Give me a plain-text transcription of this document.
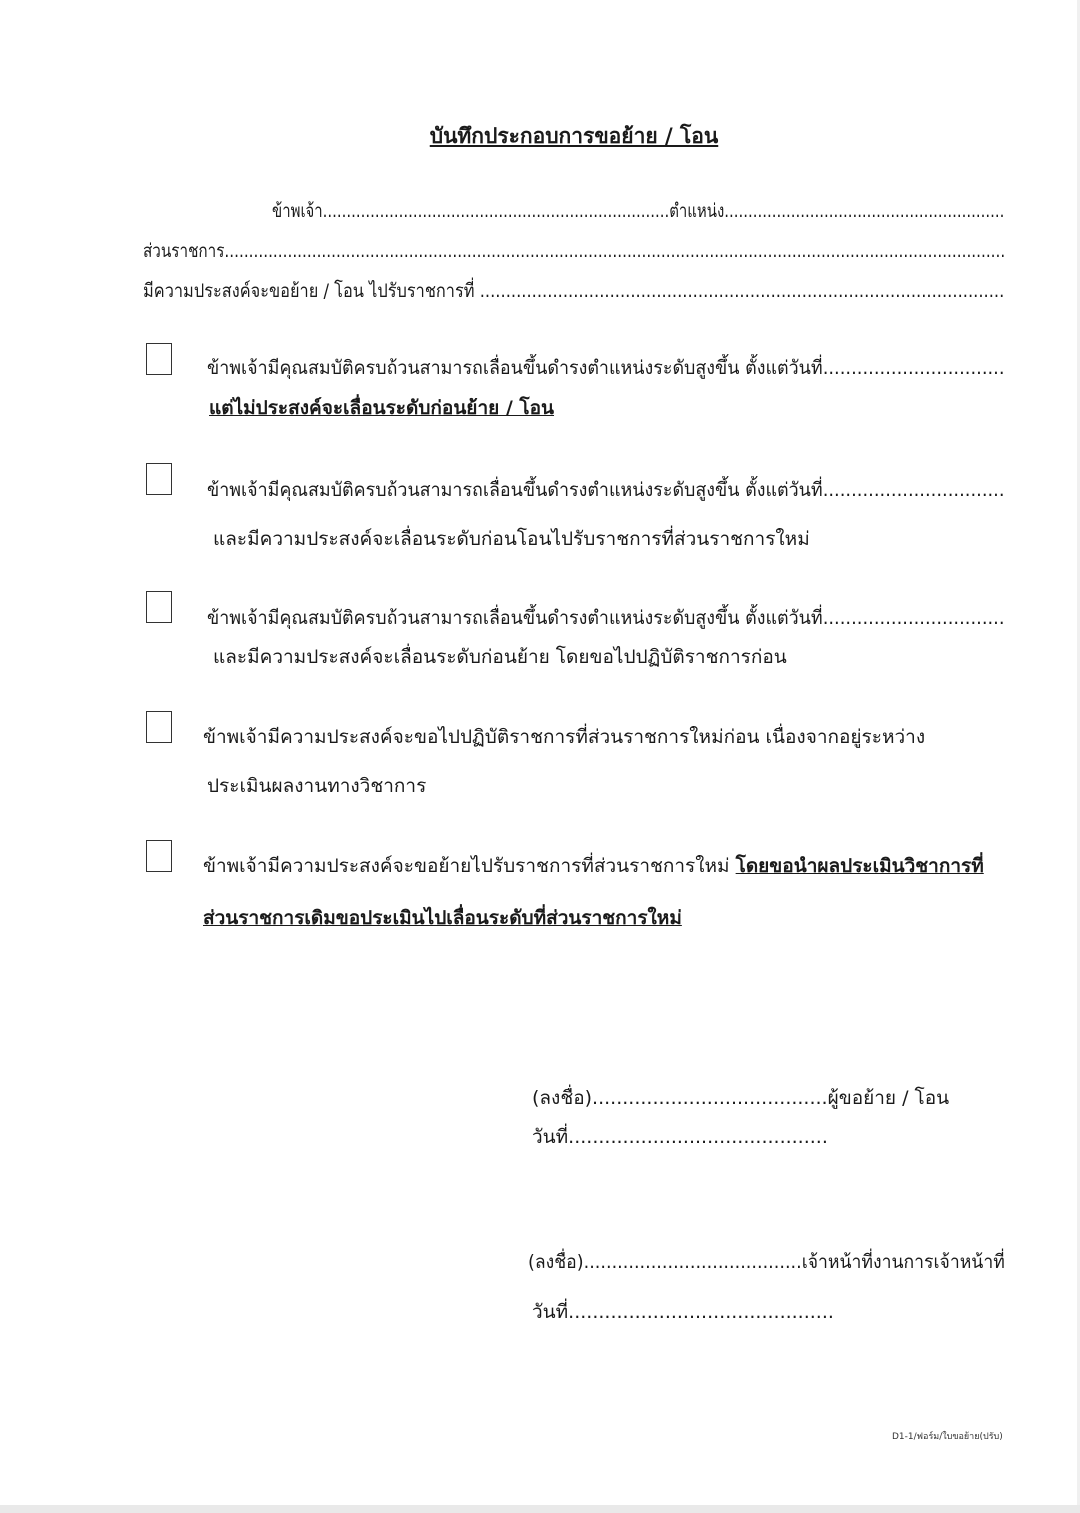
บันทึกประกอบการขอย้าย / โอน
ข้าพเจ้า.........................................................................ตำแหน่ง...........................................................
ส่วนราชการ.................................................................................................................................................................
มีความประสงค์จะขอย้าย / โอน ไปรับราชการที่ .....................................................................................................
ข้าพเจ้ามีคุณสมบัติครบถ้วนสามารถเลื่อนขึ้นดำรงตำแหน่งระดับสูงขึ้น ตั้งแต่วันที่................................
แต่ไม่ประสงค์จะเลื่อนระดับก่อนย้าย / โอน
ข้าพเจ้ามีคุณสมบัติครบถ้วนสามารถเลื่อนขึ้นดำรงตำแหน่งระดับสูงขึ้น ตั้งแต่วันที่................................
และมีความประสงค์จะเลื่อนระดับก่อนโอนไปรับราชการที่ส่วนราชการใหม่
ข้าพเจ้ามีคุณสมบัติครบถ้วนสามารถเลื่อนขึ้นดำรงตำแหน่งระดับสูงขึ้น ตั้งแต่วันที่................................
และมีความประสงค์จะเลื่อนระดับก่อนย้าย โดยขอไปปฏิบัติราชการก่อน
ข้าพเจ้ามีความประสงค์จะขอไปปฏิบัติราชการที่ส่วนราชการใหม่ก่อน เนื่องจากอยู่ระหว่าง
ประเมินผลงานทางวิชาการ
ข้าพเจ้ามีความประสงค์จะขอย้ายไปรับราชการที่ส่วนราชการใหม่ โดยขอนำผลประเมินวิชาการที่
ส่วนราชการเดิมขอประเมินไปเลื่อนระดับที่ส่วนราชการใหม่
(ลงชื่อ).......................................ผู้ขอย้าย / โอน
วันที่...........................................
(ลงชื่อ).......................................เจ้าหน้าที่งานการเจ้าหน้าที่
วันที่............................................
D1-1/ฟอร์ม/ใบขอย้าย(ปรับ)
